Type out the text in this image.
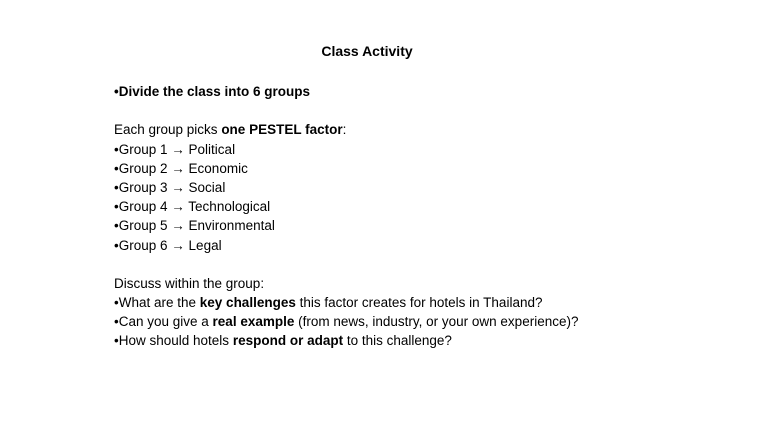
Class Activity
•Divide the class into 6 groups
Each group picks one PESTEL factor:
•Group 1 → Political
•Group 2 → Economic
•Group 3 → Social
•Group 4 → Technological
•Group 5 → Environmental
•Group 6 → Legal
Discuss within the group:
•What are the key challenges this factor creates for hotels in Thailand?
•Can you give a real example (from news, industry, or your own experience)?
•How should hotels respond or adapt to this challenge?
